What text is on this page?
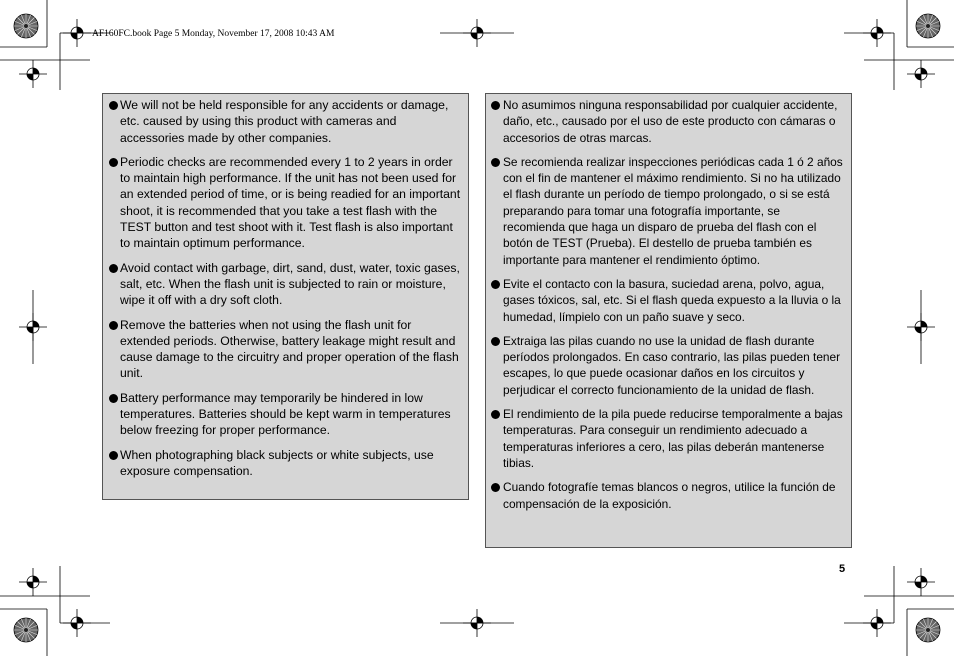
AF160FC.book Page 5 Monday, November 17, 2008 10:43 AM
We will not be held responsible for any accidents or damage, etc. caused by using this product with cameras and accessories made by other companies.
Periodic checks are recommended every 1 to 2 years in order to maintain high performance. If the unit has not been used for an extended period of time, or is being readied for an important shoot, it is recommended that you take a test flash with the TEST button and test shoot with it. Test flash is also important to maintain optimum performance.
Avoid contact with garbage, dirt, sand, dust, water, toxic gases, salt, etc. When the flash unit is subjected to rain or moisture, wipe it off with a dry soft cloth.
Remove the batteries when not using the flash unit for extended periods. Otherwise, battery leakage might result and cause damage to the circuitry and proper operation of the flash unit.
Battery performance may temporarily be hindered in low temperatures. Batteries should be kept warm in temperatures below freezing for proper performance.
When photographing black subjects or white subjects, use exposure compensation.
No asumimos ninguna responsabilidad por cualquier accidente, daño, etc., causado por el uso de este producto con cámaras o accesorios de otras marcas.
Se recomienda realizar inspecciones periódicas cada 1 ó 2 años con el fin de mantener el máximo rendimiento. Si no ha utilizado el flash durante un período de tiempo prolongado, o si se está preparando para tomar una fotografía importante, se recomienda que haga un disparo de prueba del flash con el botón de TEST (Prueba). El destello de prueba también es importante para mantener el rendimiento óptimo.
Evite el contacto con la basura, suciedad arena, polvo, agua, gases tóxicos, sal, etc. Si el flash queda expuesto a la lluvia o la humedad, límpielo con un paño suave y seco.
Extraiga las pilas cuando no use la unidad de flash durante períodos prolongados. En caso contrario, las pilas pueden tener escapes, lo que puede ocasionar daños en los circuitos y perjudicar el correcto funcionamiento de la unidad de flash.
El rendimiento de la pila puede reducirse temporalmente a bajas temperaturas. Para conseguir un rendimiento adecuado a temperaturas inferiores a cero, las pilas deberán mantenerse tibias.
Cuando fotografíe temas blancos o negros, utilice la función de compensación de la exposición.
5
